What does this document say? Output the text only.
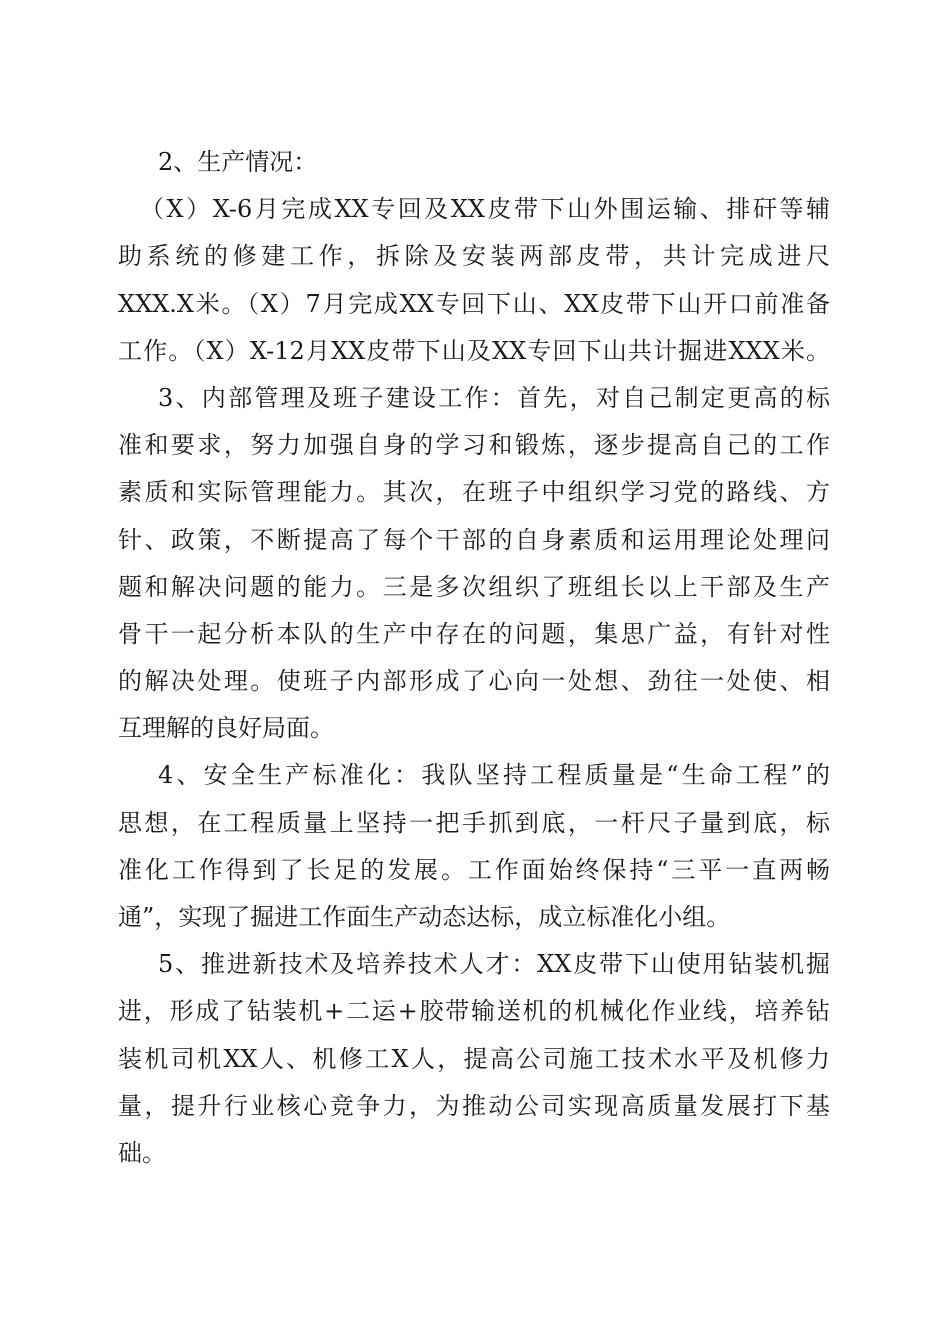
2、生产情况：
（X）X-6月完成XX专回及XX皮带下山外围运输、排矸等辅
助系统的修建工作，拆除及安装两部皮带，共计完成进尺
XXX.X米。（X）7月完成XX专回下山、XX皮带下山开口前准备
工作。（X）X-12月XX皮带下山及XX专回下山共计掘进XXX米。
3、内部管理及班子建设工作：首先，对自己制定更高的标
准和要求，努力加强自身的学习和锻炼，逐步提高自己的工作
素质和实际管理能力。其次，在班子中组织学习党的路线、方
针、政策，不断提高了每个干部的自身素质和运用理论处理问
题和解决问题的能力。三是多次组织了班组长以上干部及生产
骨干一起分析本队的生产中存在的问题，集思广益，有针对性
的解决处理。使班子内部形成了心向一处想、劲往一处使、相
互理解的良好局面。
4、安全生产标准化：我队坚持工程质量是“生命工程”的
思想，在工程质量上坚持一把手抓到底，一杆尺子量到底，标
准化工作得到了长足的发展。工作面始终保持“三平一直两畅
通”，实现了掘进工作面生产动态达标，成立标准化小组。
5、推进新技术及培养技术人才：XX皮带下山使用钻装机掘
进，形成了钻装机+二运+胶带输送机的机械化作业线，培养钻
装机司机XX人、机修工X人，提高公司施工技术水平及机修力
量，提升行业核心竞争力，为推动公司实现高质量发展打下基
础。
